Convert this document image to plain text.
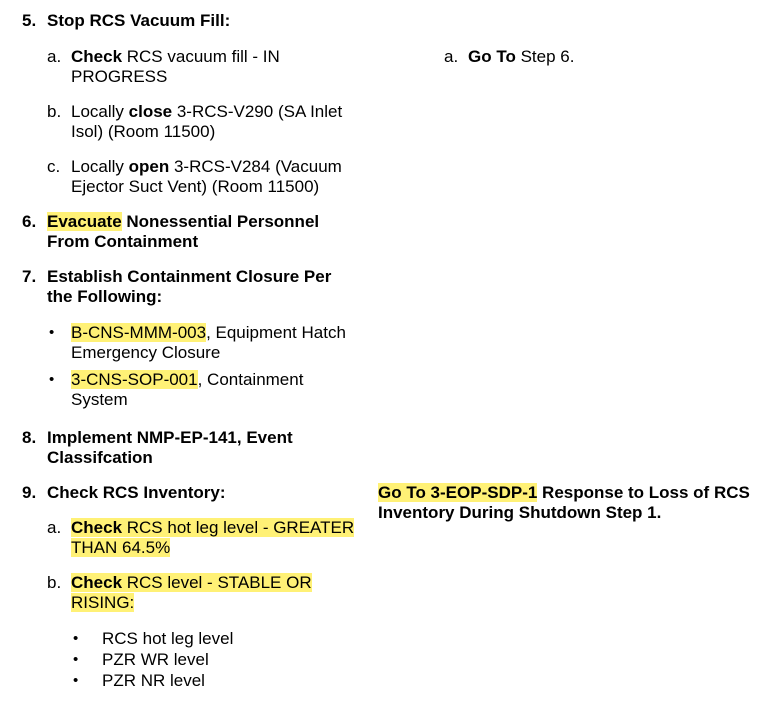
5. Stop RCS Vacuum Fill:
a. Check RCS vacuum fill - IN
PROGRESS
b. Locally close 3-RCS-V290 (SA Inlet
Isol) (Room 11500)
c. Locally open 3-RCS-V284 (Vacuum
Ejector Suct Vent) (Room 11500)
a. Go To Step 6.
6. Evacuate Nonessential Personnel
From Containment
7. Establish Containment Closure Per
the Following:
• B-CNS-MMM-003, Equipment Hatch
Emergency Closure
• 3-CNS-SOP-001, Containment
System
8. Implement NMP-EP-141, Event
Classifcation
9. Check RCS Inventory:
a. Check RCS hot leg level - GREATER
THAN 64.5%
b. Check RCS level - STABLE OR
RISING:
• RCS hot leg level
• PZR WR level
• PZR NR level
Go To 3-EOP-SDP-1 Response to Loss of RCS
Inventory During Shutdown Step 1.
